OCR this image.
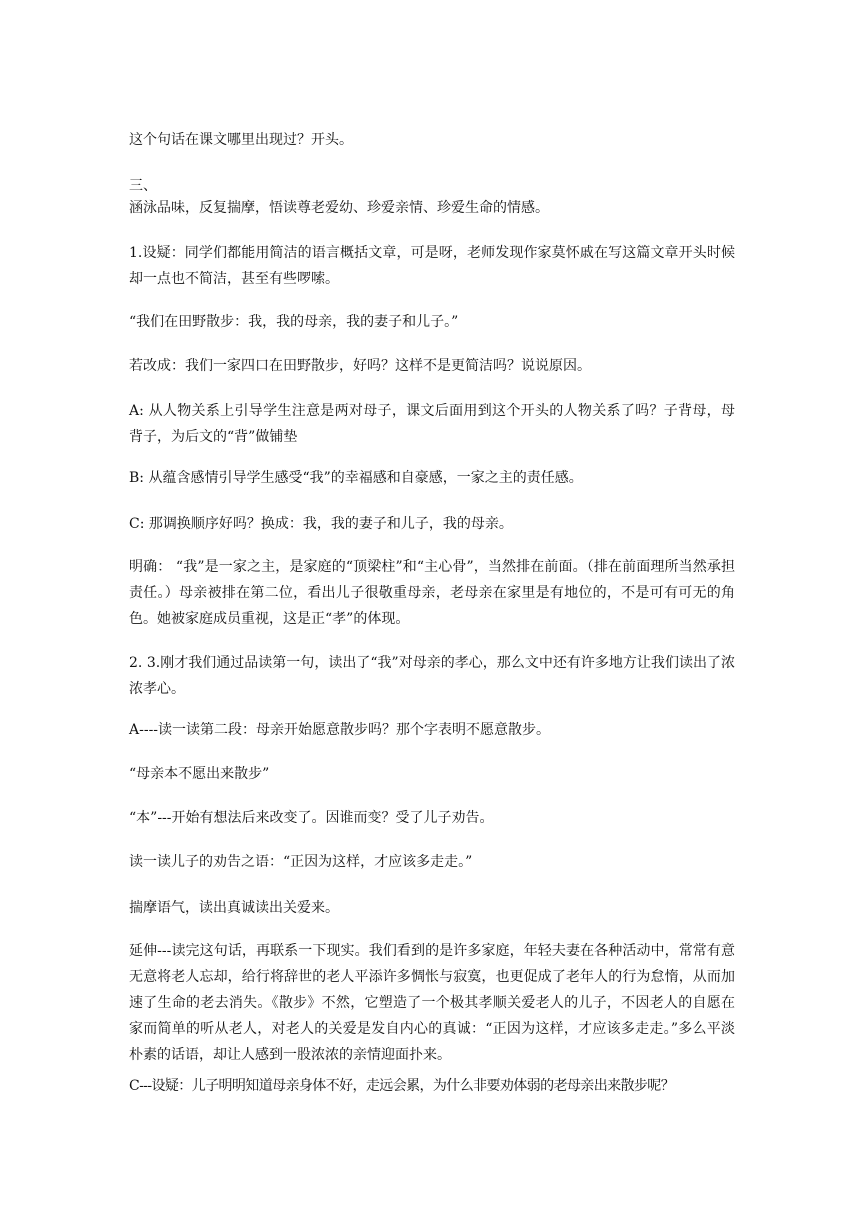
这个句话在课文哪里出现过？开头。
三、
涵泳品味，反复揣摩，悟读尊老爱幼、珍爱亲情、珍爱生命的情感。
1.设疑：同学们都能用简洁的语言概括文章，可是呀，老师发现作家莫怀戚在写这篇文章开头时候却一点也不简洁，甚至有些啰嗦。
“我们在田野散步：我，我的母亲，我的妻子和儿子。”
若改成：我们一家四口在田野散步，好吗？这样不是更简洁吗？说说原因。
A: 从人物关系上引导学生注意是两对母子，课文后面用到这个开头的人物关系了吗？子背母，母背子，为后文的“背”做铺垫
B: 从蕴含感情引导学生感受“我”的幸福感和自豪感，一家之主的责任感。
C: 那调换顺序好吗？换成：我，我的妻子和儿子，我的母亲。
明确： “我”是一家之主，是家庭的“顶梁柱”和“主心骨”，当然排在前面。（排在前面理所当然承担责任。）母亲被排在第二位，看出儿子很敬重母亲，老母亲在家里是有地位的，不是可有可无的角色。她被家庭成员重视，这是正“孝”的体现。
2. 3.刚才我们通过品读第一句，读出了“我”对母亲的孝心，那么文中还有许多地方让我们读出了浓浓孝心。
A----读一读第二段：母亲开始愿意散步吗？那个字表明不愿意散步。
“母亲本不愿出来散步”
“本”---开始有想法后来改变了。因谁而变？受了儿子劝告。
读一读儿子的劝告之语：“正因为这样，才应该多走走。”
揣摩语气，读出真诚读出关爱来。
延伸---读完这句话，再联系一下现实。我们看到的是许多家庭，年轻夫妻在各种活动中，常常有意无意将老人忘却，给行将辞世的老人平添许多惆怅与寂寞，也更促成了老年人的行为怠惰，从而加速了生命的老去消失。《散步》不然，它塑造了一个极其孝顺关爱老人的儿子，不因老人的自愿在家而简单的听从老人，对老人的关爱是发自内心的真诚：“正因为这样，才应该多走走。”多么平淡朴素的话语，却让人感到一股浓浓的亲情迎面扑来。
C---设疑：儿子明明知道母亲身体不好，走远会累，为什么非要劝体弱的老母亲出来散步呢？
